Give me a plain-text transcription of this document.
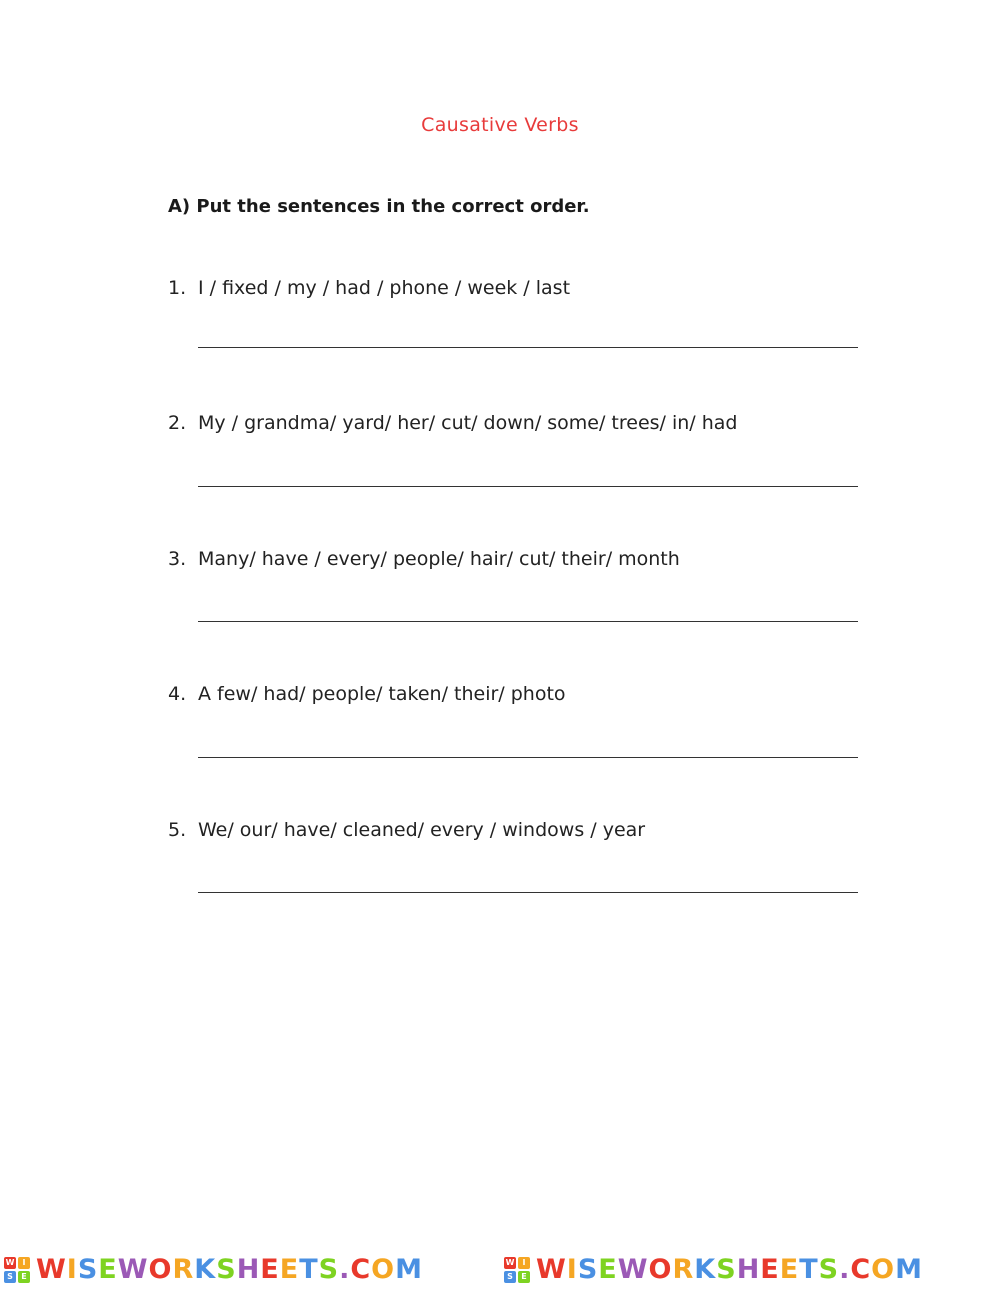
Causative Verbs
A) Put the sentences in the correct order.
1. I / fixed / my / had / phone / week / last
2. My / grandma/ yard/ her/ cut/ down/ some/ trees/ in/ had
3. Many/ have / every/ people/ hair/ cut/ their/ month
4. A few/ had/ people/ taken/ their/ photo
5. We/ our/ have/ cleaned/ every / windows / year
W	I
S	E WISEWORKSHEETS.COM	W	I
S	E WISEWORKSHEETS.COM
